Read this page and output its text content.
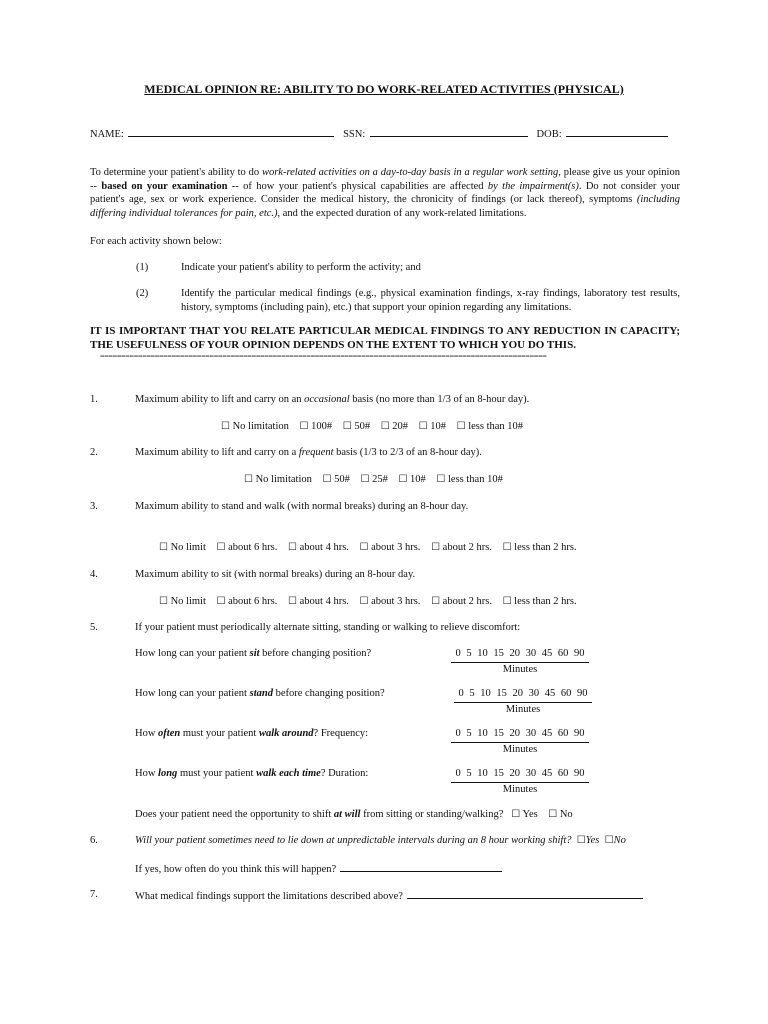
MEDICAL OPINION RE: ABILITY TO DO WORK-RELATED ACTIVITIES (PHYSICAL)
NAME:	SSN:	DOB:
To determine your patient's ability to do work-related activities on a day-to-day basis in a regular work setting, please give us your opinion -- based on your examination -- of how your patient's physical capabilities are affected by the impairment(s). Do not consider your patient's age, sex or work experience. Consider the medical history, the chronicity of findings (or lack thereof), symptoms (including differing individual tolerances for pain, etc.), and the expected duration of any work-related limitations.
For each activity shown below:
(1)	Indicate your patient's ability to perform the activity; and
(2)	Identify the particular medical findings (e.g., physical examination findings, x-ray findings, laboratory test results, history, symptoms (including pain), etc.) that support your opinion regarding any limitations.
IT IS IMPORTANT THAT YOU RELATE PARTICULAR MEDICAL FINDINGS TO ANY REDUCTION IN CAPACITY; THE USEFULNESS OF YOUR OPINION DEPENDS ON THE EXTENT TO WHICH YOU DO THIS.
==========================================================================================================
1.	Maximum ability to lift and carry on an occasional basis (no more than 1/3 of an 8-hour day).
☐ No limitation ☐ 100# ☐ 50# ☐ 20# ☐ 10# ☐ less than 10#
2.	Maximum ability to lift and carry on a frequent basis (1/3 to 2/3 of an 8-hour day).
☐ No limitation ☐ 50# ☐ 25# ☐ 10# ☐ less than 10#
3.	Maximum ability to stand and walk (with normal breaks) during an 8-hour day.
☐ No limit ☐ about 6 hrs. ☐ about 4 hrs. ☐ about 3 hrs. ☐ about 2 hrs. ☐ less than 2 hrs.
4.	Maximum ability to sit (with normal breaks) during an 8-hour day.
☐ No limit ☐ about 6 hrs. ☐ about 4 hrs. ☐ about 3 hrs. ☐ about 2 hrs. ☐ less than 2 hrs.
5.	If your patient must periodically alternate sitting, standing or walking to relieve discomfort:
How long can your patient sit before changing position?	0 5 10 15 20 30 45 60 90
Minutes
How long can your patient stand before changing position?	0 5 10 15 20 30 45 60 90
Minutes
How often must your patient walk around? Frequency:	0 5 10 15 20 30 45 60 90
Minutes
How long must your patient walk each time? Duration:	0 5 10 15 20 30 45 60 90
Minutes
Does your patient need the opportunity to shift at will from sitting or standing/walking? ☐ Yes ☐ No
6.	Will your patient sometimes need to lie down at unpredictable intervals during an 8 hour working shift? ☐Yes ☐No
If yes, how often do you think this will happen?
7.	What medical findings support the limitations described above?
